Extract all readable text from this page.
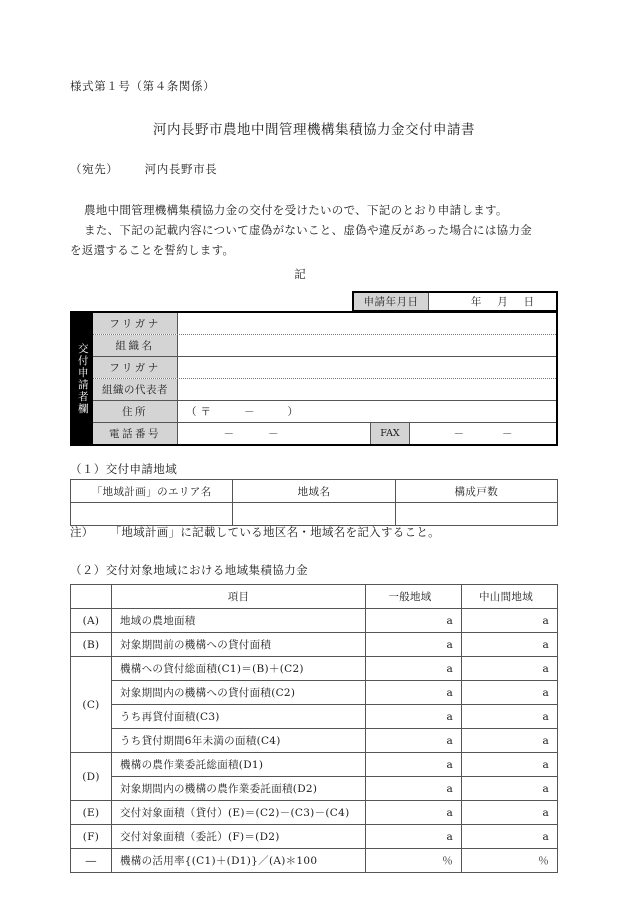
様式第１号（第４条関係）
河内長野市農地中間管理機構集積協力金交付申請書
（宛先） 河内長野市長
農地中間管理機構集積協力金の交付を受けたいので、下記のとおり申請します。
また、下記の記載内容について虚偽がないこと、虚偽や違反があった場合には協力金
を返還することを誓約します。
記
申請年月日	年 月 日
交付申請者欄
フリガナ
組織名
フリガナ
組織の代表者
住所	（〒　　－　　）
電話番号	－	－	FAX	－	－
（１）交付申請地域
「地域計画」のエリア名	地域名	構成戸数

注） 「地域計画」に記載している地区名・地域名を記入すること。
（２）交付対象地域における地域集積協力金
	項目	一般地域	中山間地域
(A)	地域の農地面積	a	a
(B)	対象期間前の機構への貸付面積	a	a
(C)	機構への貸付総面積(C1)＝(B)＋(C2)	a	a
	対象期間内の機構への貸付面積(C2)	a	a
	うち再貸付面積(C3)	a	a
	うち貸付期間6年未満の面積(C4)	a	a
(D)	機構の農作業委託総面積(D1)	a	a
	対象期間内の機構の農作業委託面積(D2)	a	a
(E)	交付対象面積（貸付）(E)＝(C2)－(C3)－(C4)	a	a
(F)	交付対象面積（委託）(F)＝(D2)	a	a
―	機構の活用率{(C1)＋(D1)}／(A)＊100	％	％
